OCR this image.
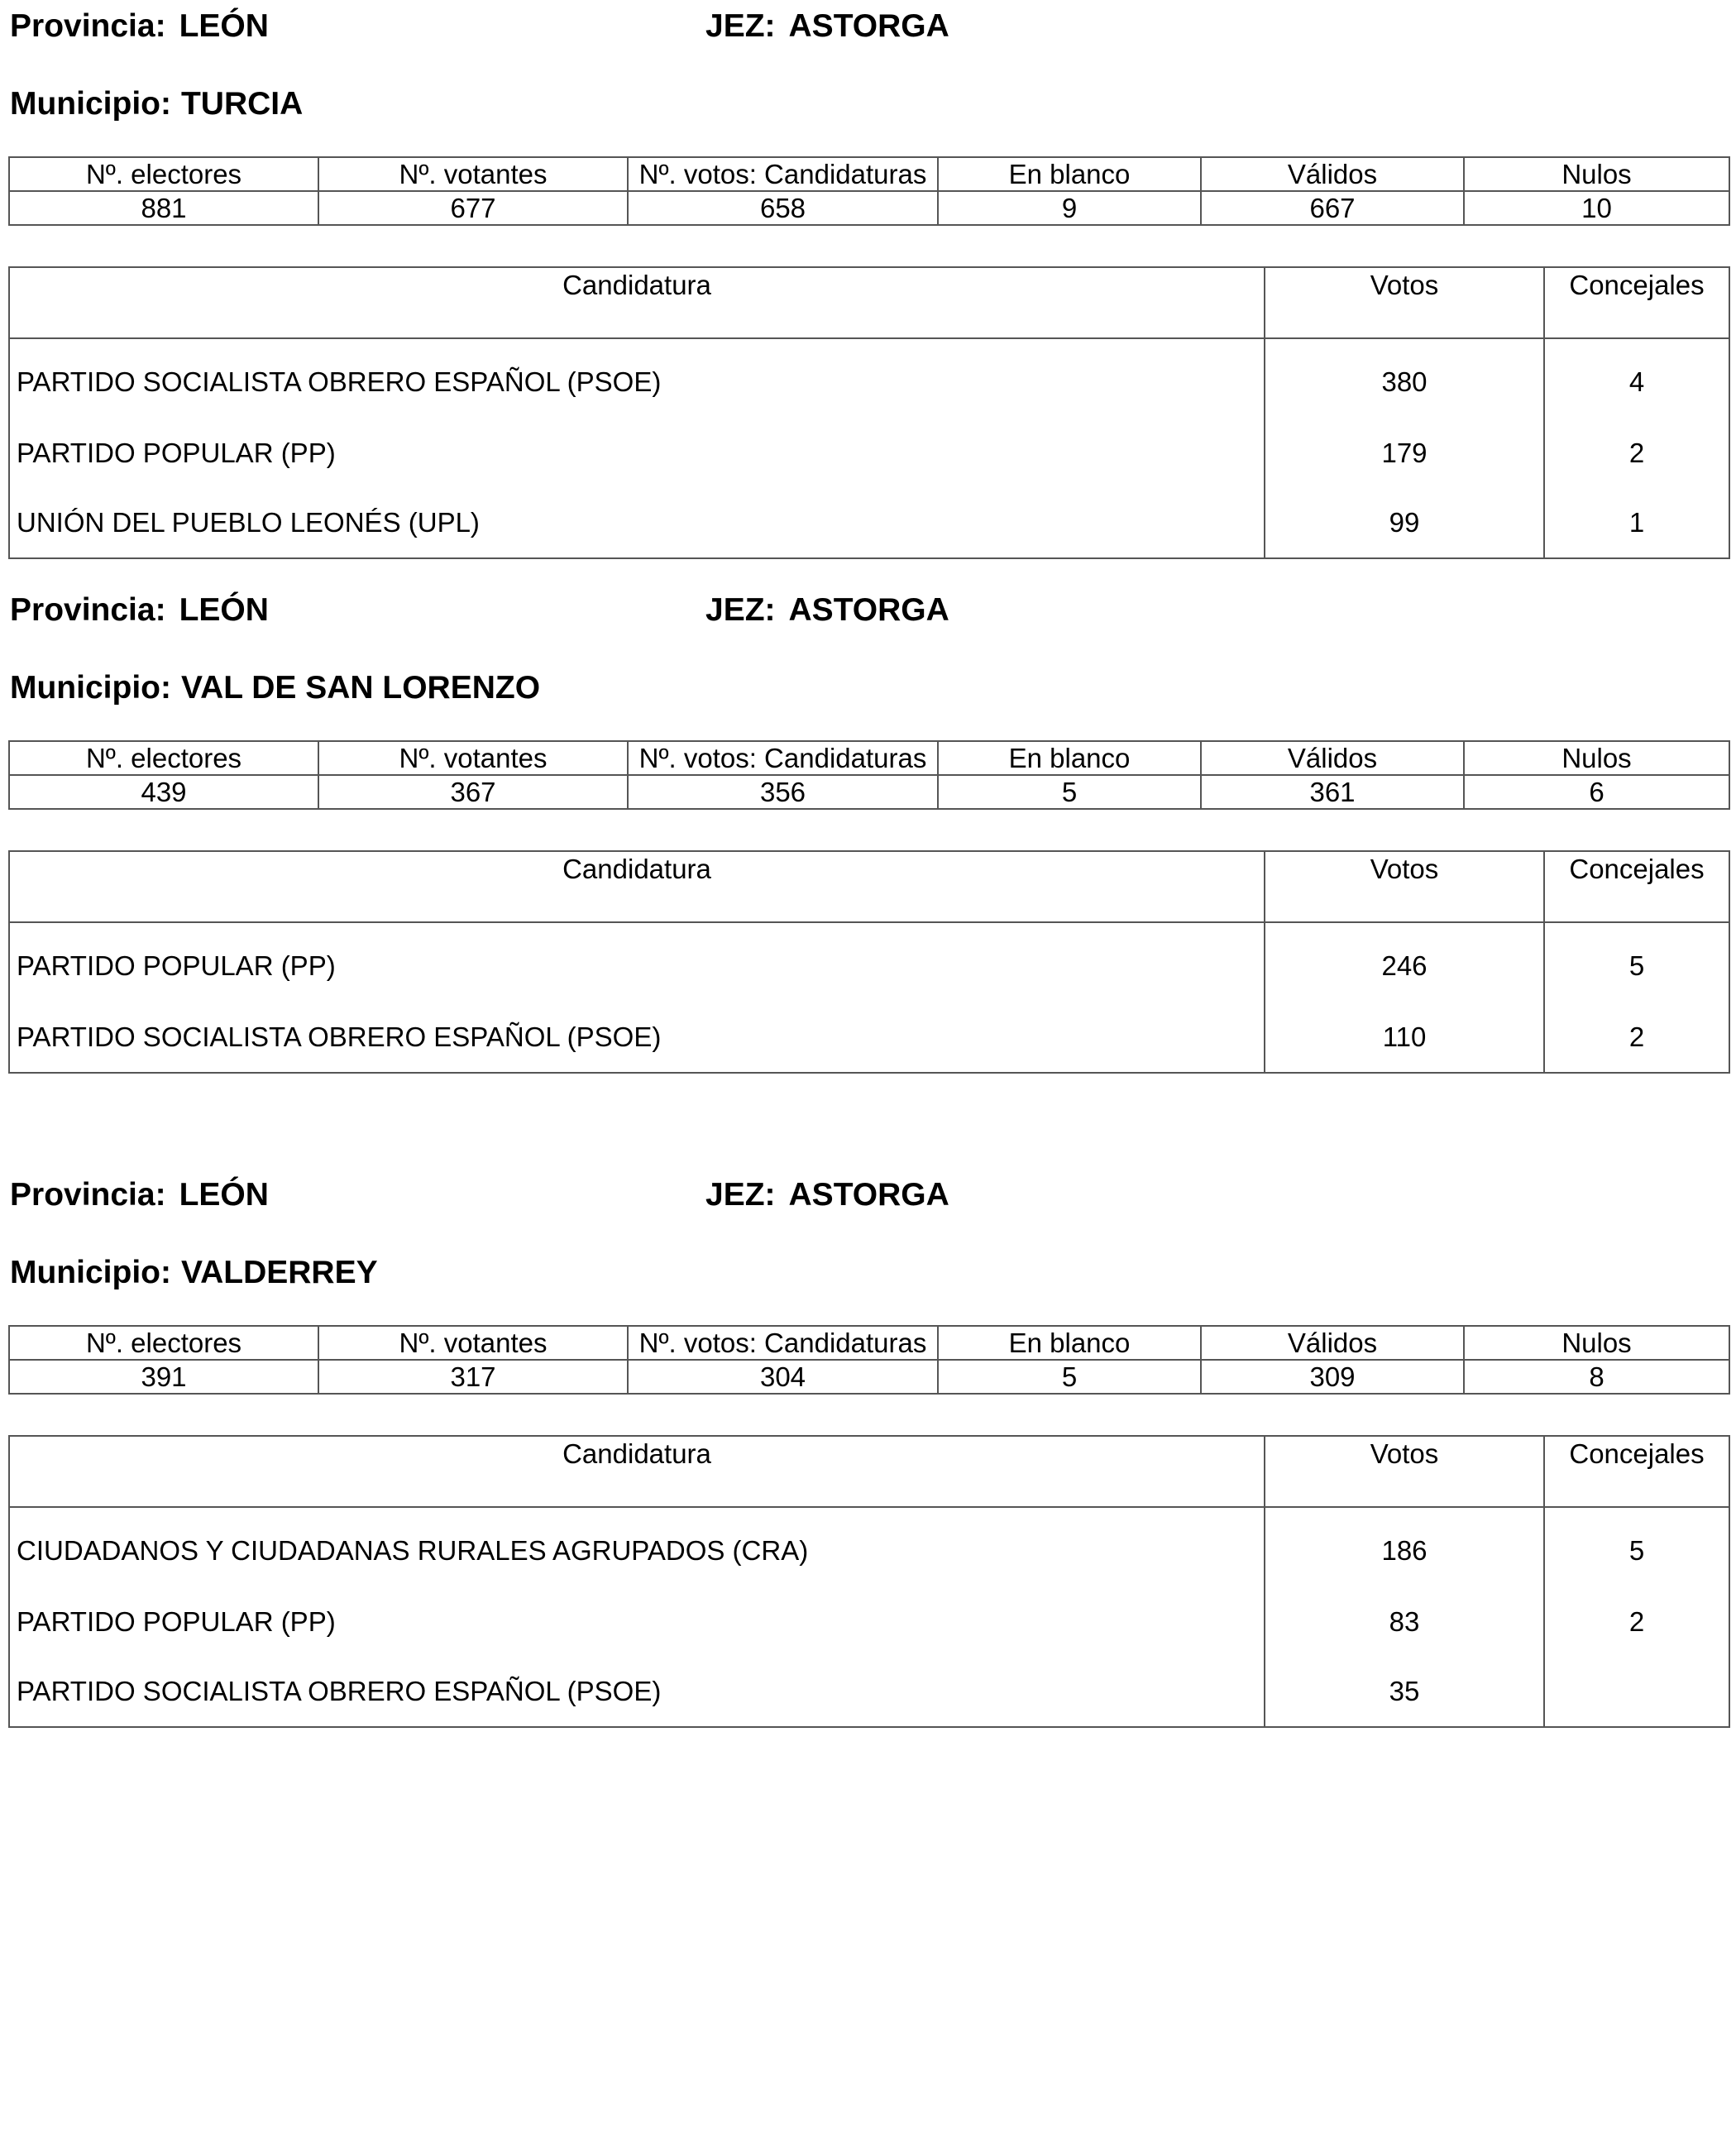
Provincia: LEÓN	JEZ: ASTORGA
Municipio: TURCIA
Nº. electores	Nº. votantes	Nº. votos: Candidaturas	En blanco	Válidos	Nulos
881	677	658	9	667	10
Candidatura	Votos	Concejales
PARTIDO SOCIALISTA OBRERO ESPAÑOL (PSOE)	380	4
PARTIDO POPULAR (PP)	179	2
UNIÓN DEL PUEBLO LEONÉS (UPL)	99	1
Provincia: LEÓN	JEZ: ASTORGA
Municipio: VAL DE SAN LORENZO
Nº. electores	Nº. votantes	Nº. votos: Candidaturas	En blanco	Válidos	Nulos
439	367	356	5	361	6
Candidatura	Votos	Concejales
PARTIDO POPULAR (PP)	246	5
PARTIDO SOCIALISTA OBRERO ESPAÑOL (PSOE)	110	2
Provincia: LEÓN	JEZ: ASTORGA
Municipio: VALDERREY
Nº. electores	Nº. votantes	Nº. votos: Candidaturas	En blanco	Válidos	Nulos
391	317	304	5	309	8
Candidatura	Votos	Concejales
CIUDADANOS Y CIUDADANAS RURALES AGRUPADOS (CRA)	186	5
PARTIDO POPULAR (PP)	83	2
PARTIDO SOCIALISTA OBRERO ESPAÑOL (PSOE)	35	
